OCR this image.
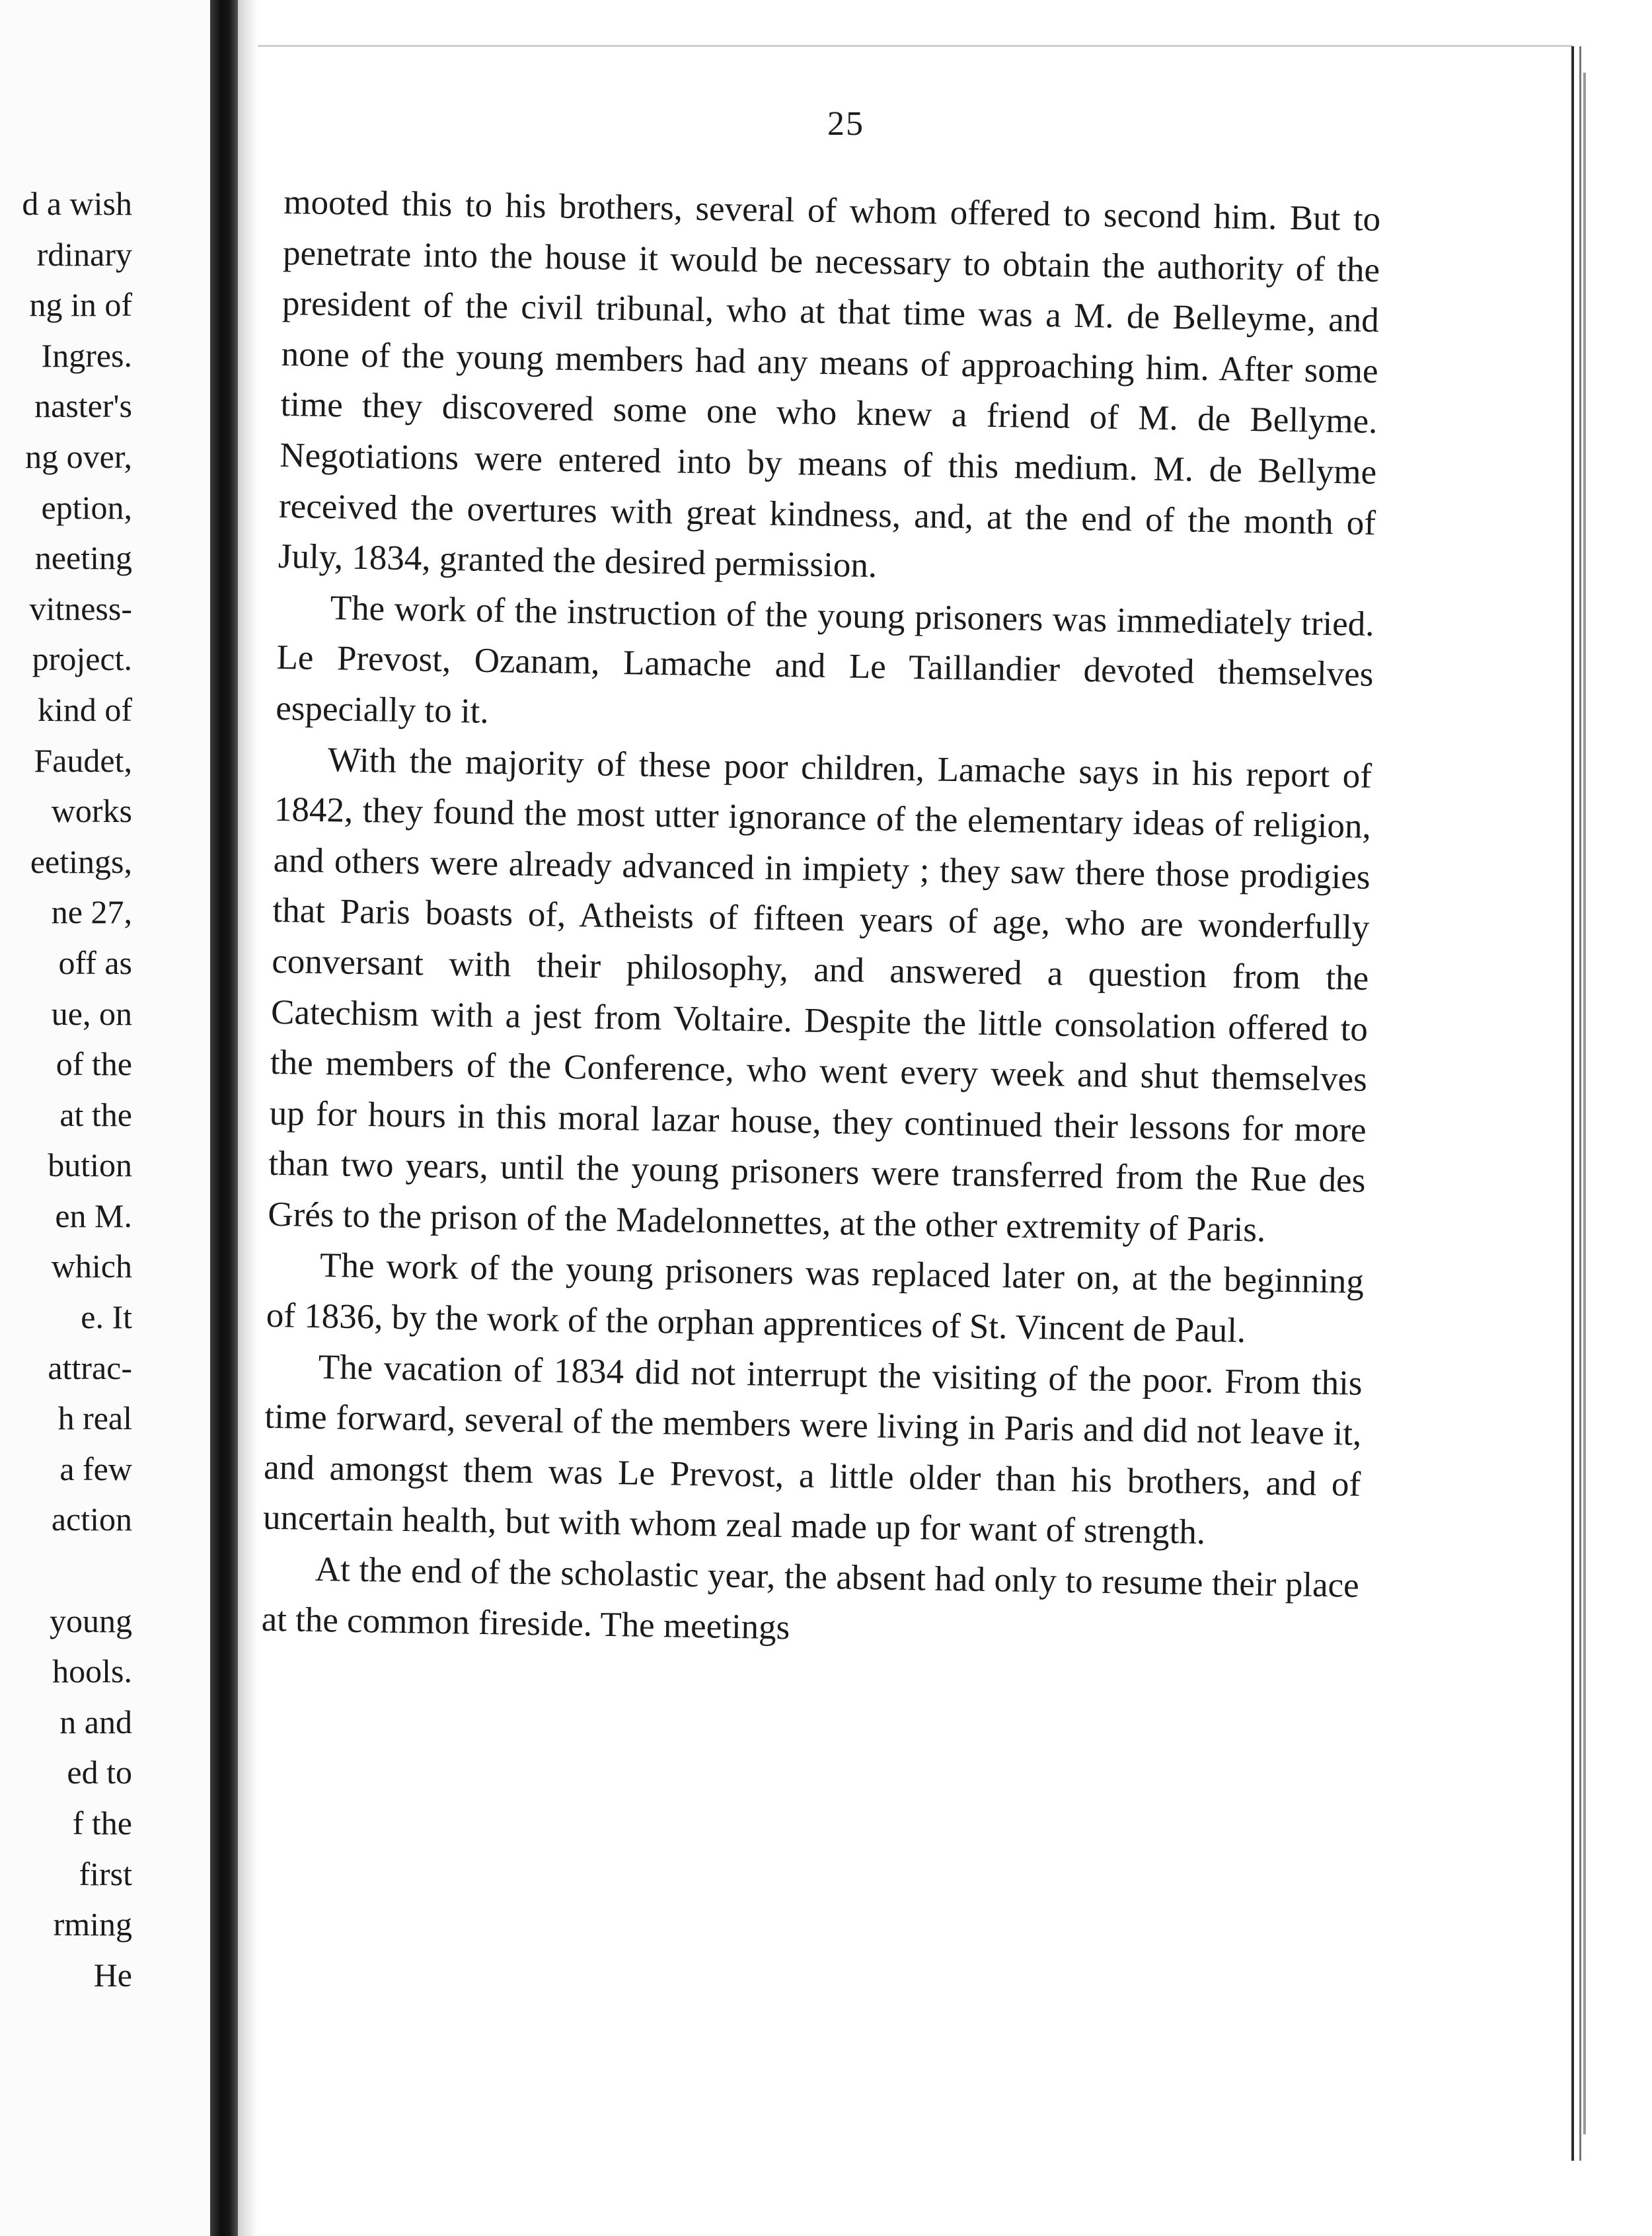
d a wish
rdinary
ng in of
Ingres.
naster's
ng over,
eption,
neeting
vitness-
project.
kind of
Faudet,
works
eetings,
ne 27,
off as
ue, on
of the
at the
bution
en M.
which
e. It
attrac-
h real
a few
action
young
hools.
n and
ed to
f the
first
rming
He
25

mooted this to his brothers, several of whom offered to second him. But to penetrate into the house it would be necessary to obtain the authority of the president of the civil tribunal, who at that time was a M. de Belleyme, and none of the young members had any means of approaching him. After some time they discovered some one who knew a friend of M. de Bellyme. Negotiations were entered into by means of this medium. M. de Bellyme received the overtures with great kindness, and, at the end of the month of July, 1834, granted the desired permission.

The work of the instruction of the young prisoners was immediately tried. Le Prevost, Ozanam, Lamache and Le Taillandier devoted themselves especially to it.

With the majority of these poor children, Lamache says in his report of 1842, they found the most utter ignorance of the elementary ideas of religion, and others were already advanced in impiety ; they saw there those prodigies that Paris boasts of, Atheists of fifteen years of age, who are wonderfully conversant with their philosophy, and answered a question from the Catechism with a jest from Voltaire. Despite the little consolation offered to the members of the Conference, who went every week and shut themselves up for hours in this moral lazar house, they continued their lessons for more than two years, until the young prisoners were transferred from the Rue des Grés to the prison of the Madelonnettes, at the other extremity of Paris.

The work of the young prisoners was replaced later on, at the beginning of 1836, by the work of the orphan apprentices of St. Vincent de Paul.

The vacation of 1834 did not interrupt the visiting of the poor. From this time forward, several of the members were living in Paris and did not leave it, and amongst them was Le Prevost, a little older than his brothers, and of uncertain health, but with whom zeal made up for want of strength.

At the end of the scholastic year, the absent had only to resume their place at the common fireside. The meetings
